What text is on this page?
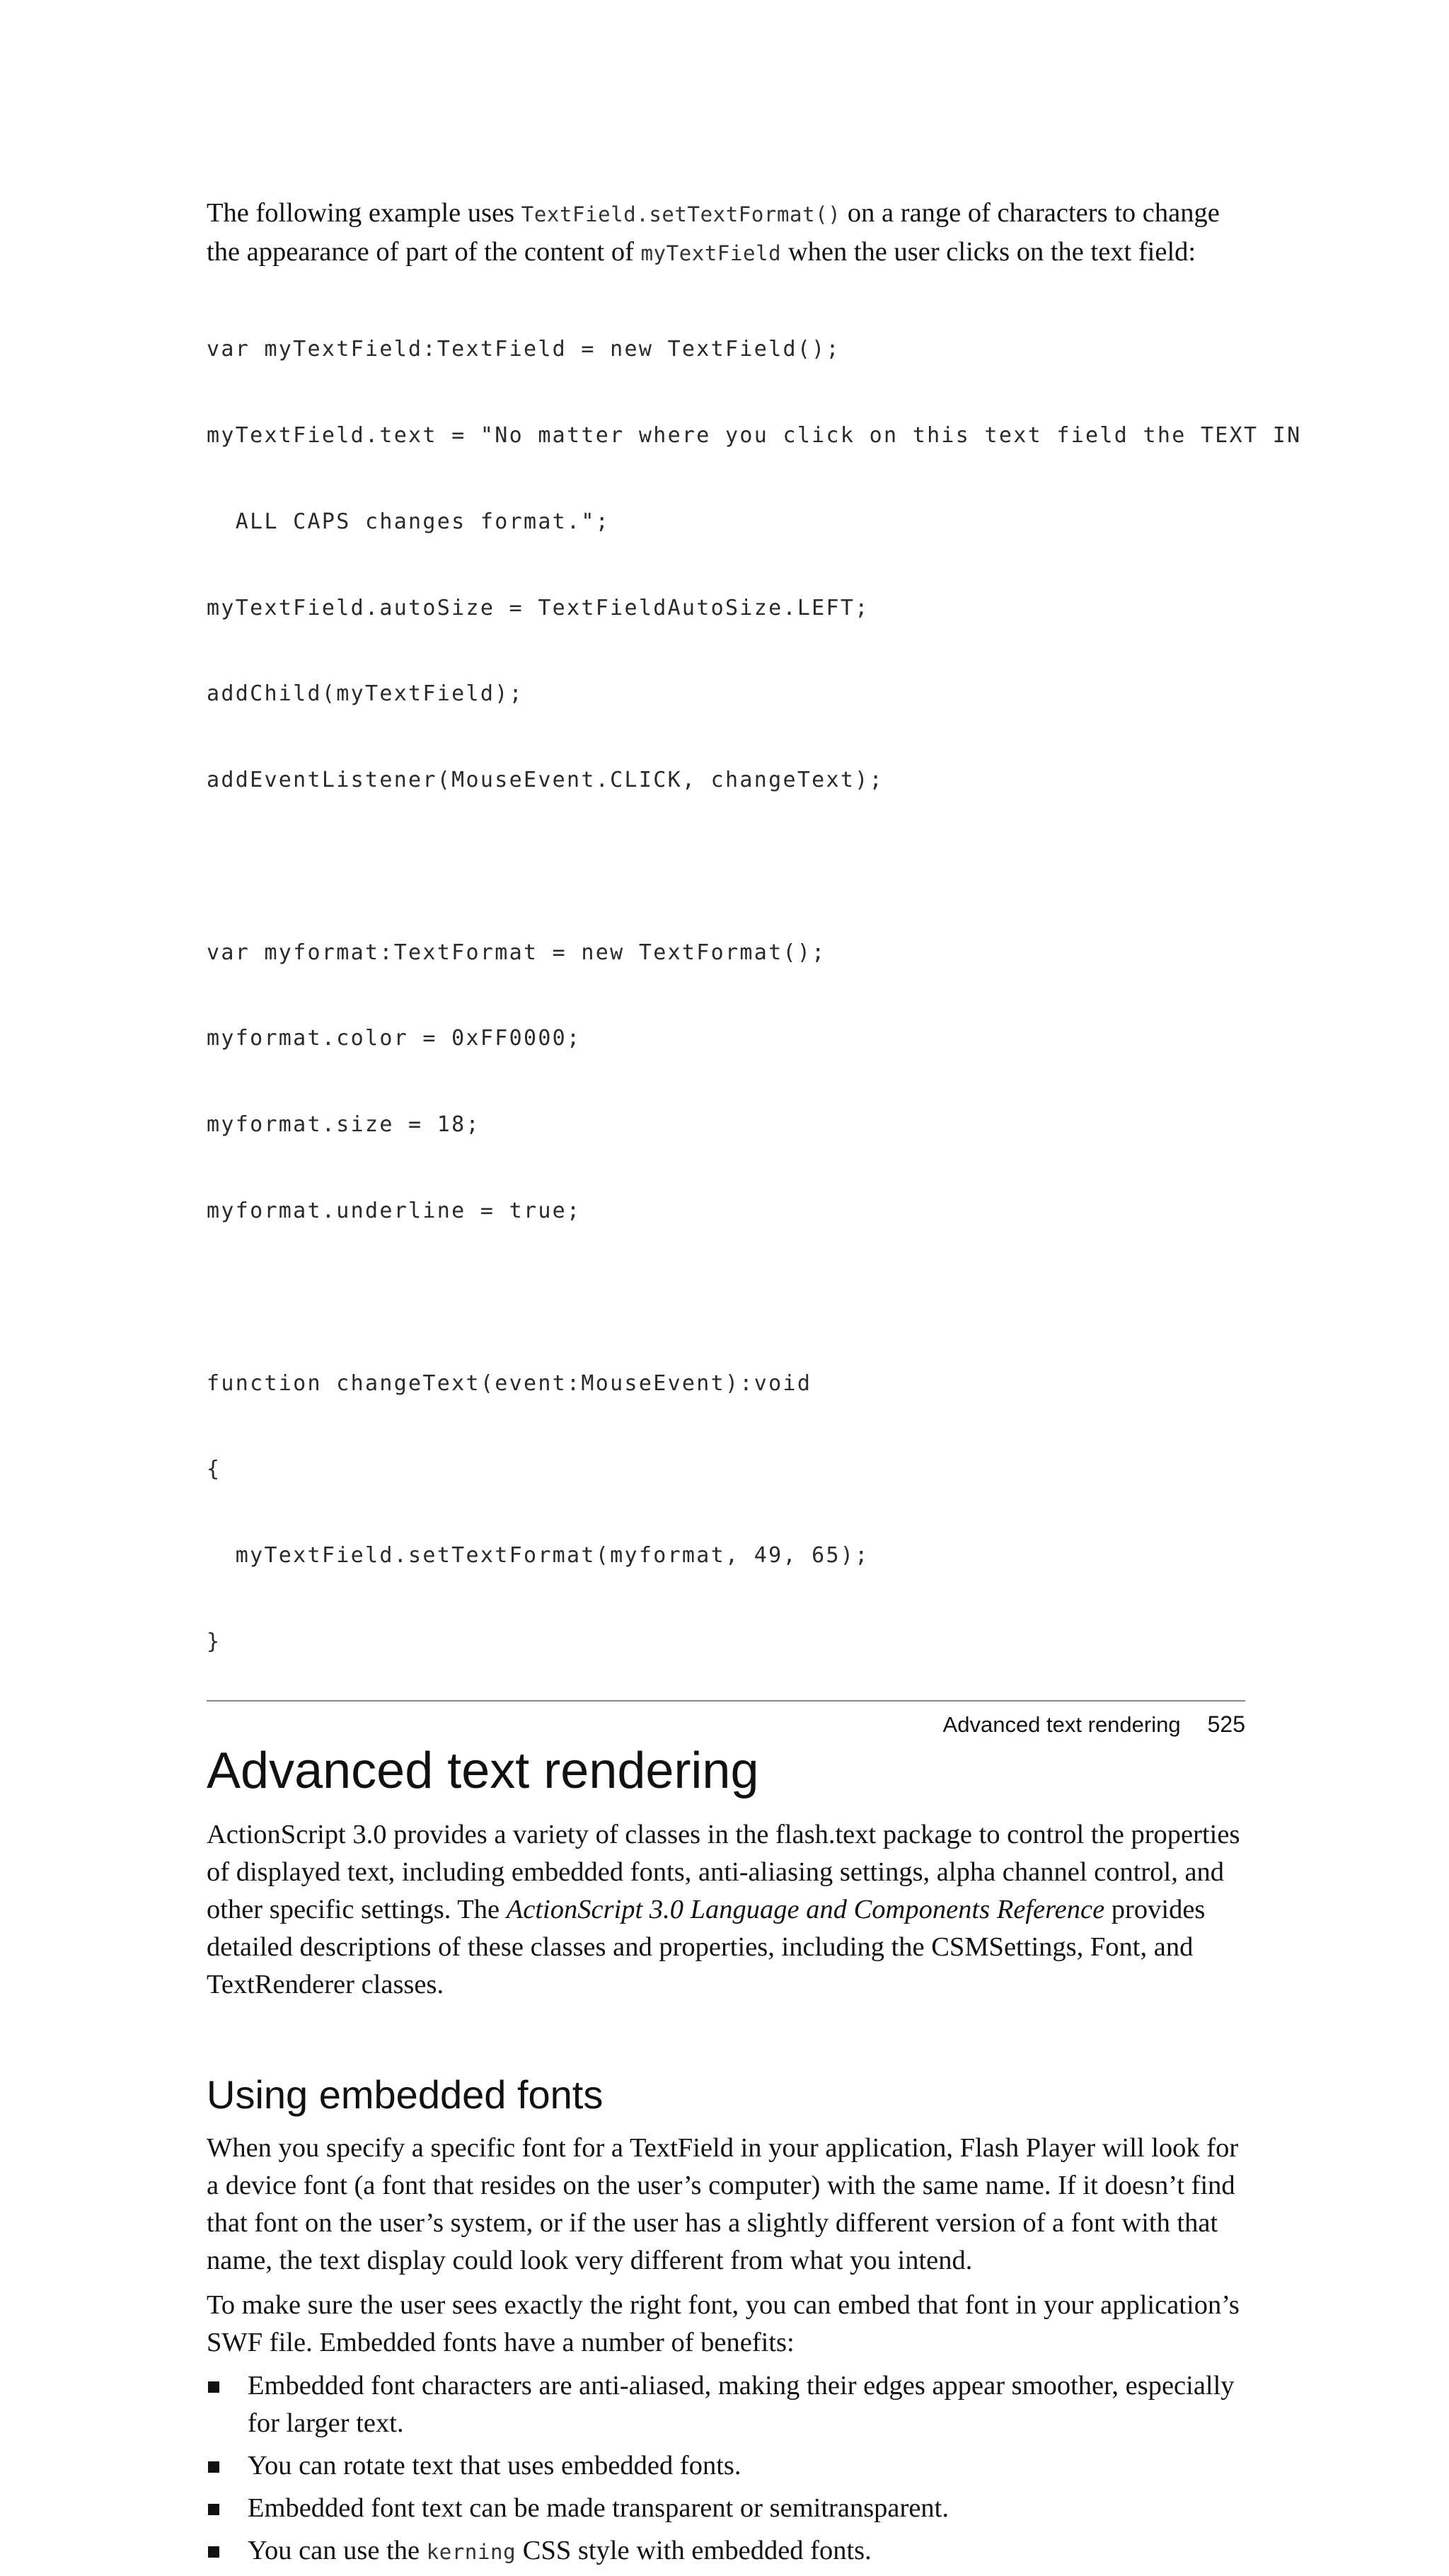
The following example uses TextField.setTextFormat() on a range of characters to change the appearance of part of the content of myTextField when the user clicks on the text field:

var myTextField:TextField = new TextField();

myTextField.text = "No matter where you click on this text field the TEXT IN

ALL CAPS changes format.";

myTextField.autoSize = TextFieldAutoSize.LEFT;

addChild(myTextField);

addEventListener(MouseEvent.CLICK, changeText);

var myformat:TextFormat = new TextFormat();

myformat.color = 0xFF0000;

myformat.size = 18;

myformat.underline = true;

function changeText(event:MouseEvent):void

{

myTextField.setTextFormat(myformat, 49, 65);

}

Advanced text rendering

ActionScript 3.0 provides a variety of classes in the flash.text package to control the properties of displayed text, including embedded fonts, anti-aliasing settings, alpha channel control, and other specific settings. The ActionScript 3.0 Language and Components Reference provides detailed descriptions of these classes and properties, including the CSMSettings, Font, and TextRenderer classes.

Using embedded fonts

When you specify a specific font for a TextField in your application, Flash Player will look for a device font (a font that resides on the user’s computer) with the same name. If it doesn’t find that font on the user’s system, or if the user has a slightly different version of a font with that name, the text display could look very different from what you intend.

To make sure the user sees exactly the right font, you can embed that font in your application’s SWF file. Embedded fonts have a number of benefits:

Embedded font characters are anti-aliased, making their edges appear smoother, especially for larger text.
You can rotate text that uses embedded fonts.
Embedded font text can be made transparent or semitransparent.
You can use the kerning CSS style with embedded fonts.
Advanced text rendering 525
